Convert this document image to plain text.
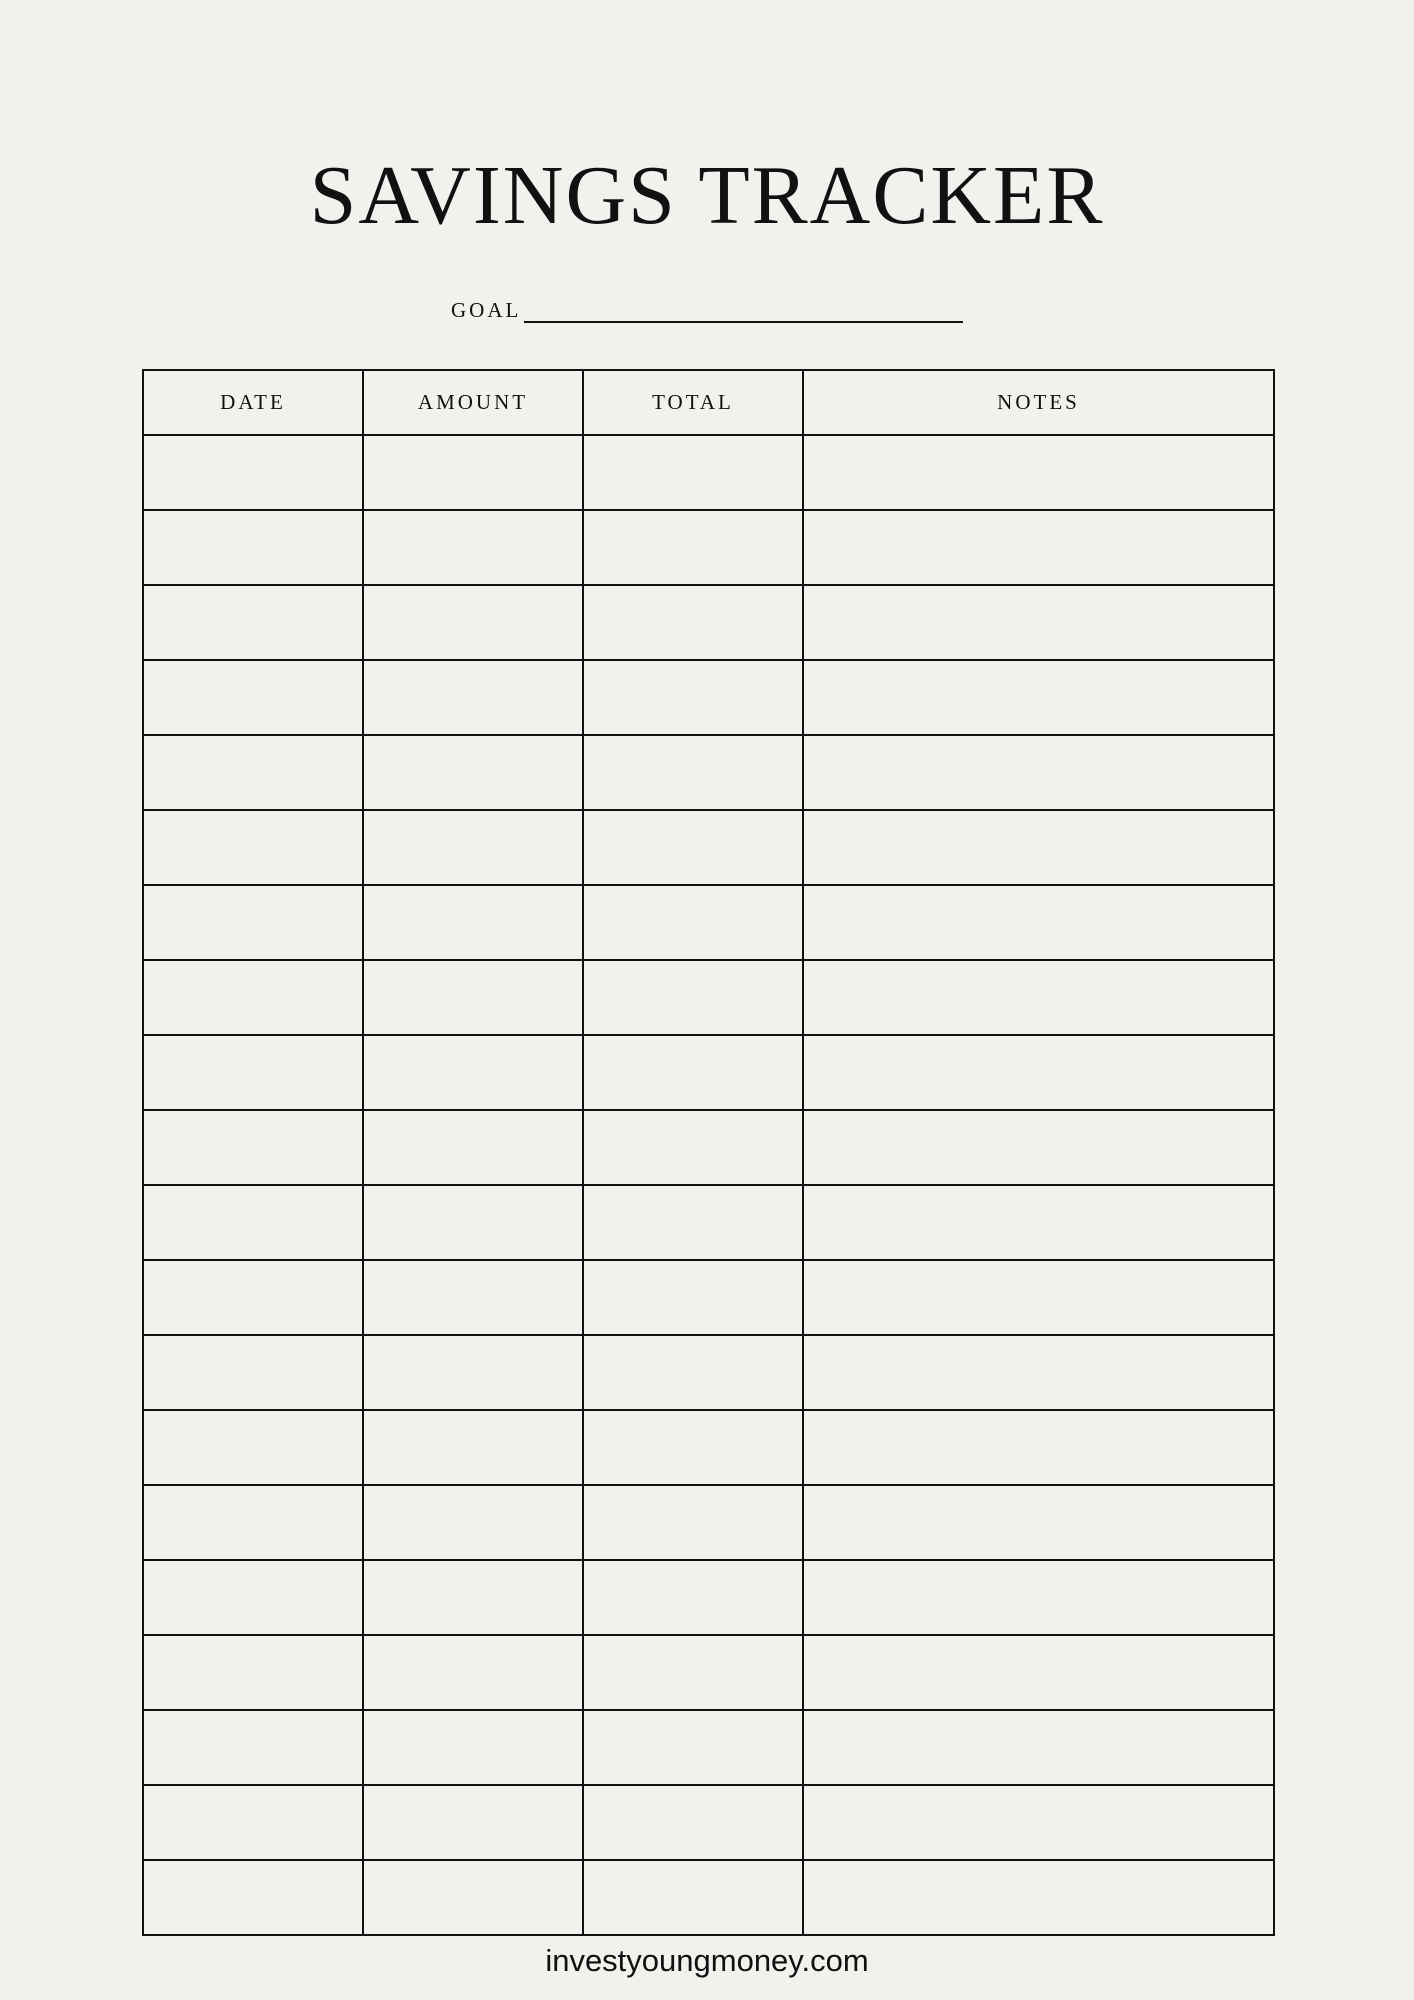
SAVINGS TRACKER
GOAL
DATE	AMOUNT	TOTAL	NOTES

investyoungmoney.com
